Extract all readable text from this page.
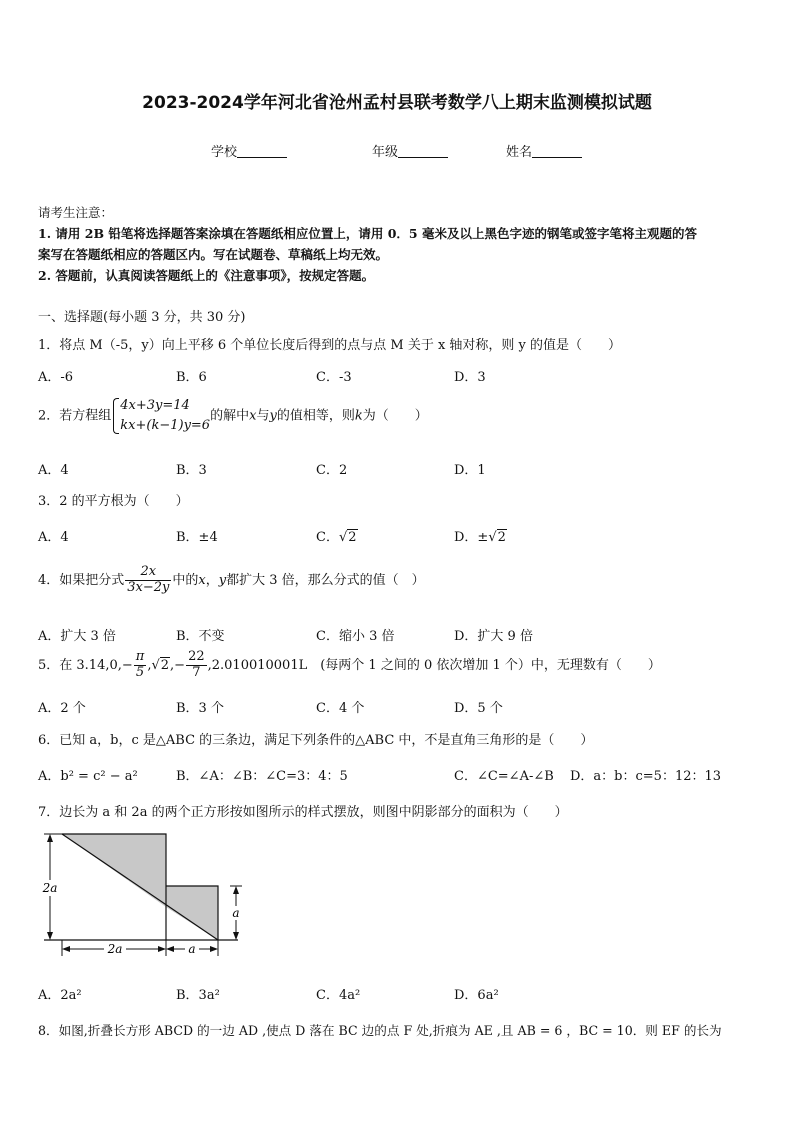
2023-2024学年河北省沧州孟村县联考数学八上期末监测模拟试题
学校	年级	姓名
请考生注意：
1. 请用 2B 铅笔将选择题答案涂填在答题纸相应位置上，请用 0．5 毫米及以上黑色字迹的钢笔或签字笔将主观题的答
案写在答题纸相应的答题区内。写在试题卷、草稿纸上均无效。
2. 答题前，认真阅读答题纸上的《注意事项》，按规定答题。
一、选择题(每小题 3 分，共 30 分)
1．将点 M（-5，y）向上平移 6 个单位长度后得到的点与点 M 关于 x 轴对称，则 y 的值是（　　）
A．-6	B．6	C．-3	D．3
2．若方程组
4x+3y=14
kx+(k−1)y=6
的解中x与y的值相等，则k为（　　）
A．4	B．3	C．2	D．1
3．2 的平方根为（　　）
A．4	B．±4	C．√2	D．±√2
4．如果把分式 $\frac{2x}{3x-2y}$ 中的x，y都扩大 3 倍，那么分式的值（　）
A．扩大 3 倍	B．不变	C．缩小 3 倍	D．扩大 9 倍
5．在 $3.14,0,- \frac{\pi}{5} ,√2,- \frac{22}{7} ,2.010010001L$　(每两个 1 之间的 0 依次增加 1 个）中，无理数有（　　）
A．2 个	B．3 个	C．4 个	D．5 个
6．已知 a，b，c 是△ABC 的三条边，满足下列条件的△ABC 中，不是直角三角形的是（　　）
A．b² = c² − a²	B．∠A：∠B：∠C=3：4：5	C．∠C=∠A-∠B D．a：b：c=5：12：13
7．边长为 a 和 2a 的两个正方形按如图所示的样式摆放，则图中阴影部分的面积为（　　）
2a
a
2a	a
A．2a²	B．3a²	C．4a²	D．6a²
8．如图,折叠长方形 ABCD 的一边 AD ,使点 D 落在 BC 边的点 F 处,折痕为 AE ,且 AB = 6 ，BC = 10．则 EF 的长为
